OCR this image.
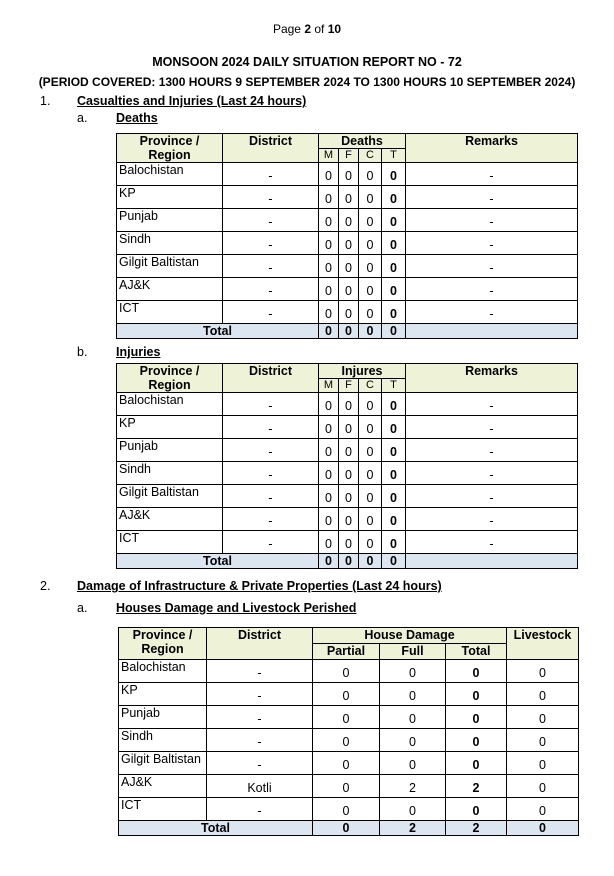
Page 2 of 10
MONSOON 2024 DAILY SITUATION REPORT NO - 72
(PERIOD COVERED: 1300 HOURS 9 SEPTEMBER 2024 TO 1300 HOURS 10 SEPTEMBER 2024)
1. Casualties and Injuries (Last 24 hours)
a. Deaths
Province /
Region	District	Deaths				Remarks
		M	F	C	T	
Balochistan	-	0	0	0	0	-
KP	-	0	0	0	0	-
Punjab	-	0	0	0	0	-
Sindh	-	0	0	0	0	-
Gilgit Baltistan	-	0	0	0	0	-
AJ&K	-	0	0	0	0	-
ICT	-	0	0	0	0	-
Total		0	0	0	0	
b. Injuries
Province /
Region	District	Injures				Remarks
		M	F	C	T	
Balochistan	-	0	0	0	0	-
KP	-	0	0	0	0	-
Punjab	-	0	0	0	0	-
Sindh	-	0	0	0	0	-
Gilgit Baltistan	-	0	0	0	0	-
AJ&K	-	0	0	0	0	-
ICT	-	0	0	0	0	-
Total		0	0	0	0	
2. Damage of Infrastructure & Private Properties (Last 24 hours)
a. Houses Damage and Livestock Perished
Province /
Region	District	House Damage			Livestock
		Partial	Full	Total	
Balochistan	-	0	0	0	0
KP	-	0	0	0	0
Punjab	-	0	0	0	0
Sindh	-	0	0	0	0
Gilgit Baltistan	-	0	0	0	0
AJ&K	Kotli	0	2	2	0
ICT	-	0	0	0	0
Total		0	2	2	0
